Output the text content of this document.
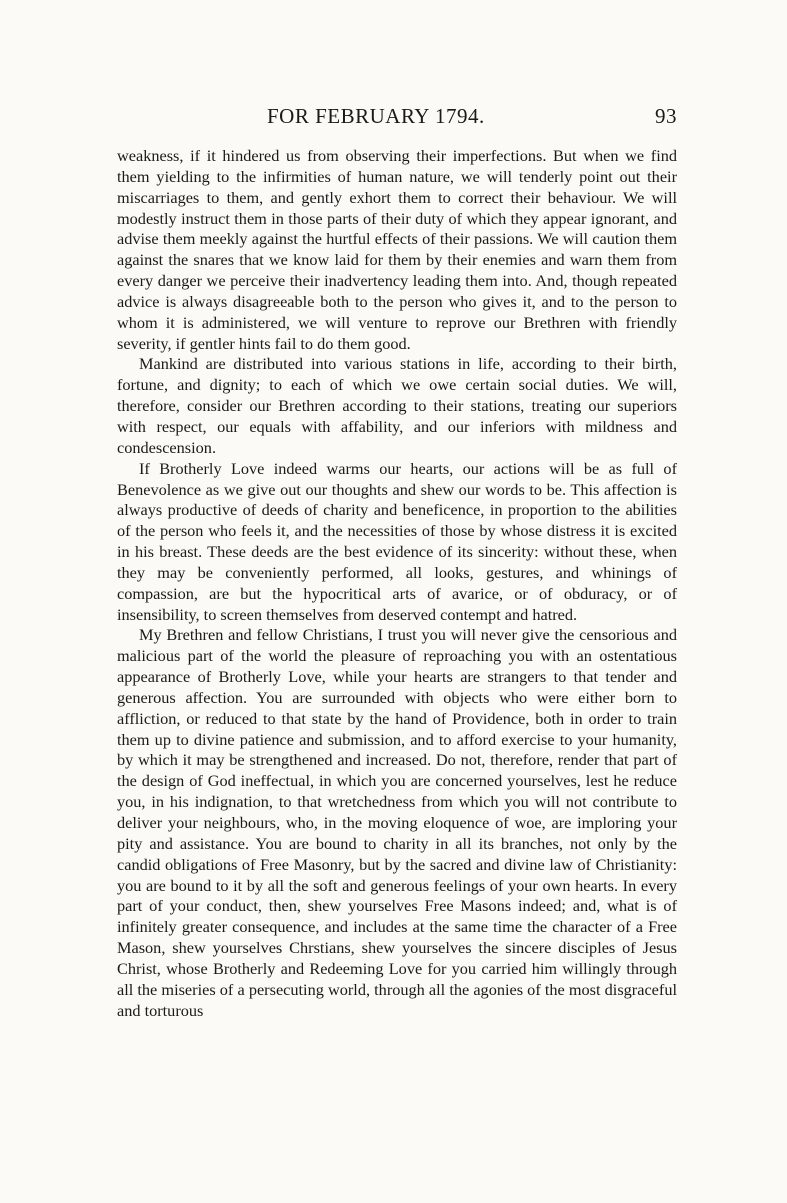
FOR FEBRUARY 1794.	93

weakness, if it hindered us from observing their imperfections. But when we find them yielding to the infirmities of human nature, we will tenderly point out their miscarriages to them, and gently exhort them to correct their behaviour. We will modestly instruct them in those parts of their duty of which they appear ignorant, and advise them meekly against the hurtful effects of their passions. We will caution them against the snares that we know laid for them by their enemies and warn them from every danger we perceive their inadvertency leading them into. And, though repeated advice is always disagreeable both to the person who gives it, and to the person to whom it is administered, we will venture to reprove our Brethren with friendly severity, if gentler hints fail to do them good.

Mankind are distributed into various stations in life, according to their birth, fortune, and dignity; to each of which we owe certain social duties. We will, therefore, consider our Brethren according to their stations, treating our superiors with respect, our equals with affability, and our inferiors with mildness and condescension.

If Brotherly Love indeed warms our hearts, our actions will be as full of Benevolence as we give out our thoughts and shew our words to be. This affection is always productive of deeds of charity and beneficence, in proportion to the abilities of the person who feels it, and the necessities of those by whose distress it is excited in his breast. These deeds are the best evidence of its sincerity: without these, when they may be conveniently performed, all looks, gestures, and whinings of compassion, are but the hypocritical arts of avarice, or of obduracy, or of insensibility, to screen themselves from deserved contempt and hatred.

My Brethren and fellow Christians, I trust you will never give the censorious and malicious part of the world the pleasure of reproaching you with an ostentatious appearance of Brotherly Love, while your hearts are strangers to that tender and generous affection. You are surrounded with objects who were either born to affliction, or reduced to that state by the hand of Providence, both in order to train them up to divine patience and submission, and to afford exercise to your humanity, by which it may be strengthened and increased. Do not, therefore, render that part of the design of God ineffectual, in which you are concerned yourselves, lest he reduce you, in his indignation, to that wretchedness from which you will not contribute to deliver your neighbours, who, in the moving eloquence of woe, are imploring your pity and assistance. You are bound to charity in all its branches, not only by the candid obligations of Free Masonry, but by the sacred and divine law of Christianity: you are bound to it by all the soft and generous feelings of your own hearts. In every part of your conduct, then, shew yourselves Free Masons indeed; and, what is of infinitely greater consequence, and includes at the same time the character of a Free Mason, shew yourselves Chrstians, shew yourselves the sincere disciples of Jesus Christ, whose Brotherly and Redeeming Love for you carried him willingly through all the miseries of a persecuting world, through all the agonies of the most disgraceful and torturous
